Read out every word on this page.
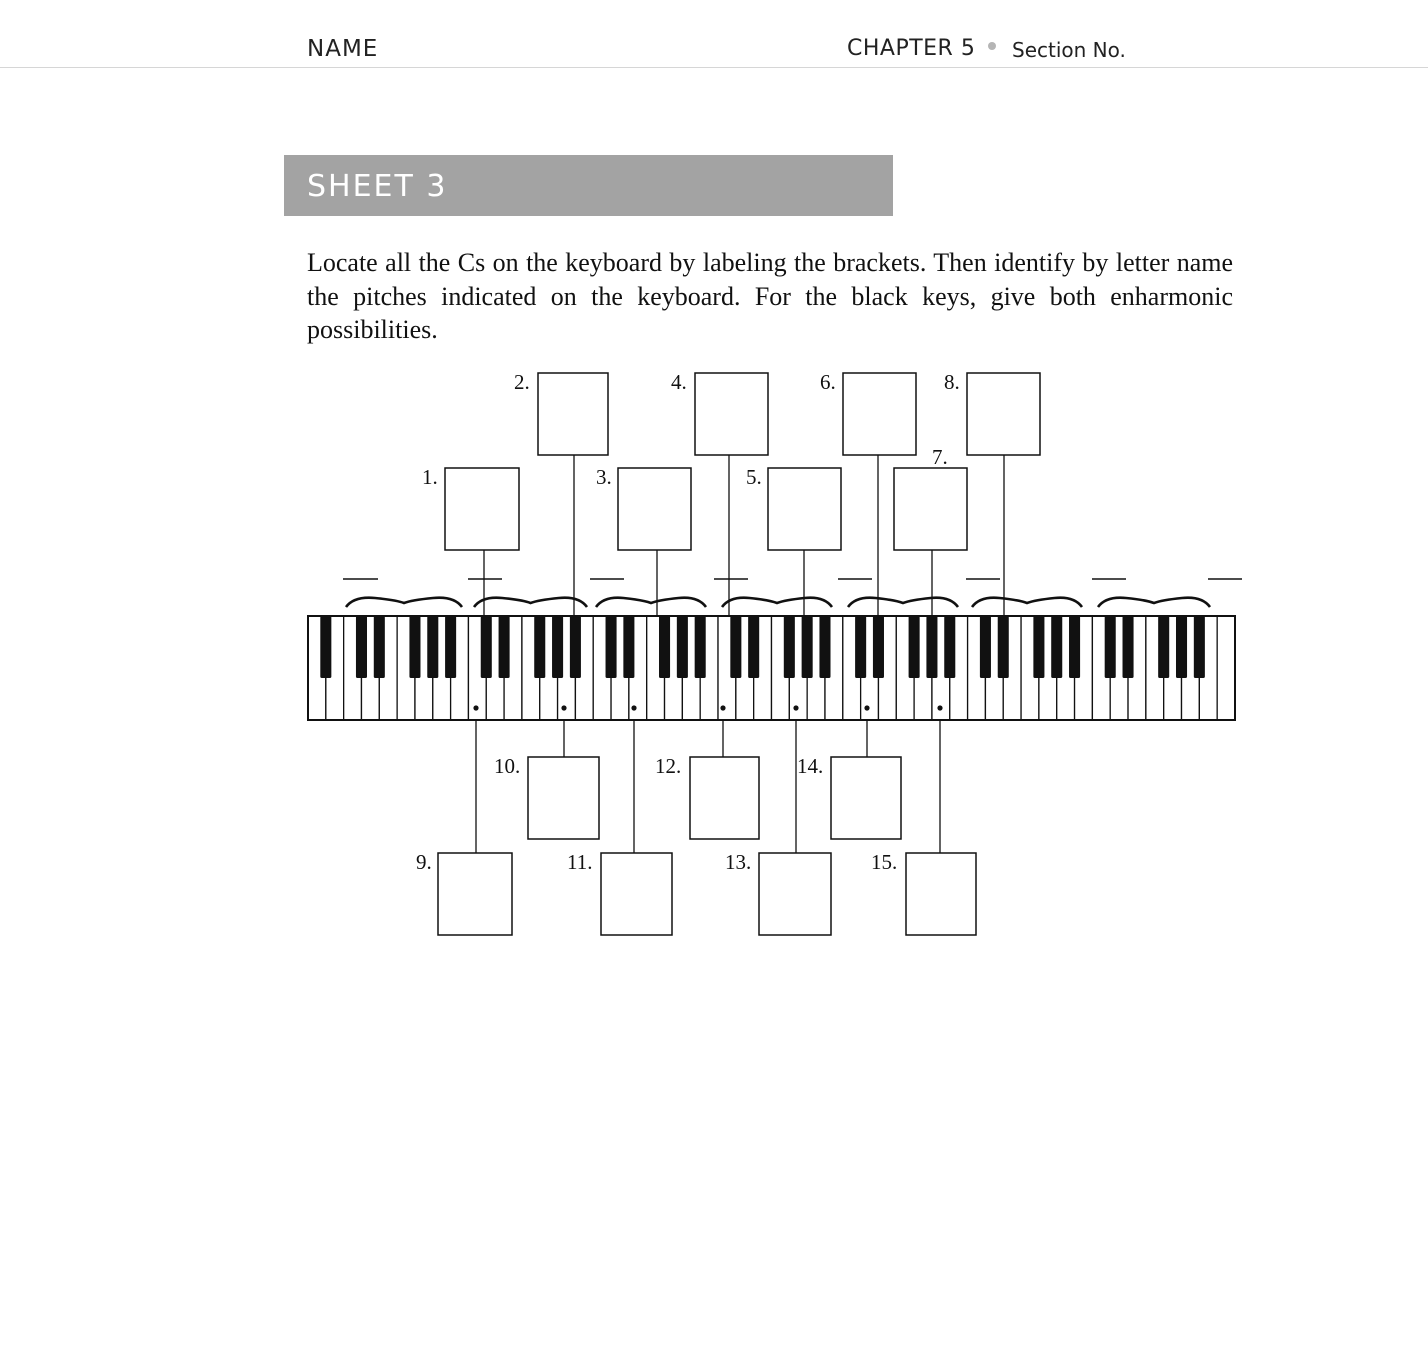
NAME	CHAPTER 5 Section No.
SHEET 3

Locate all the Cs on the keyboard by labeling the brackets. Then identify by letter name the pitches indicated on the keyboard. For the black keys, give both enharmonic possibilities.

1.
2.
3.
4.
5.
6.
7.
8.
9.
10.
11.
12.
13.
14.
15.
